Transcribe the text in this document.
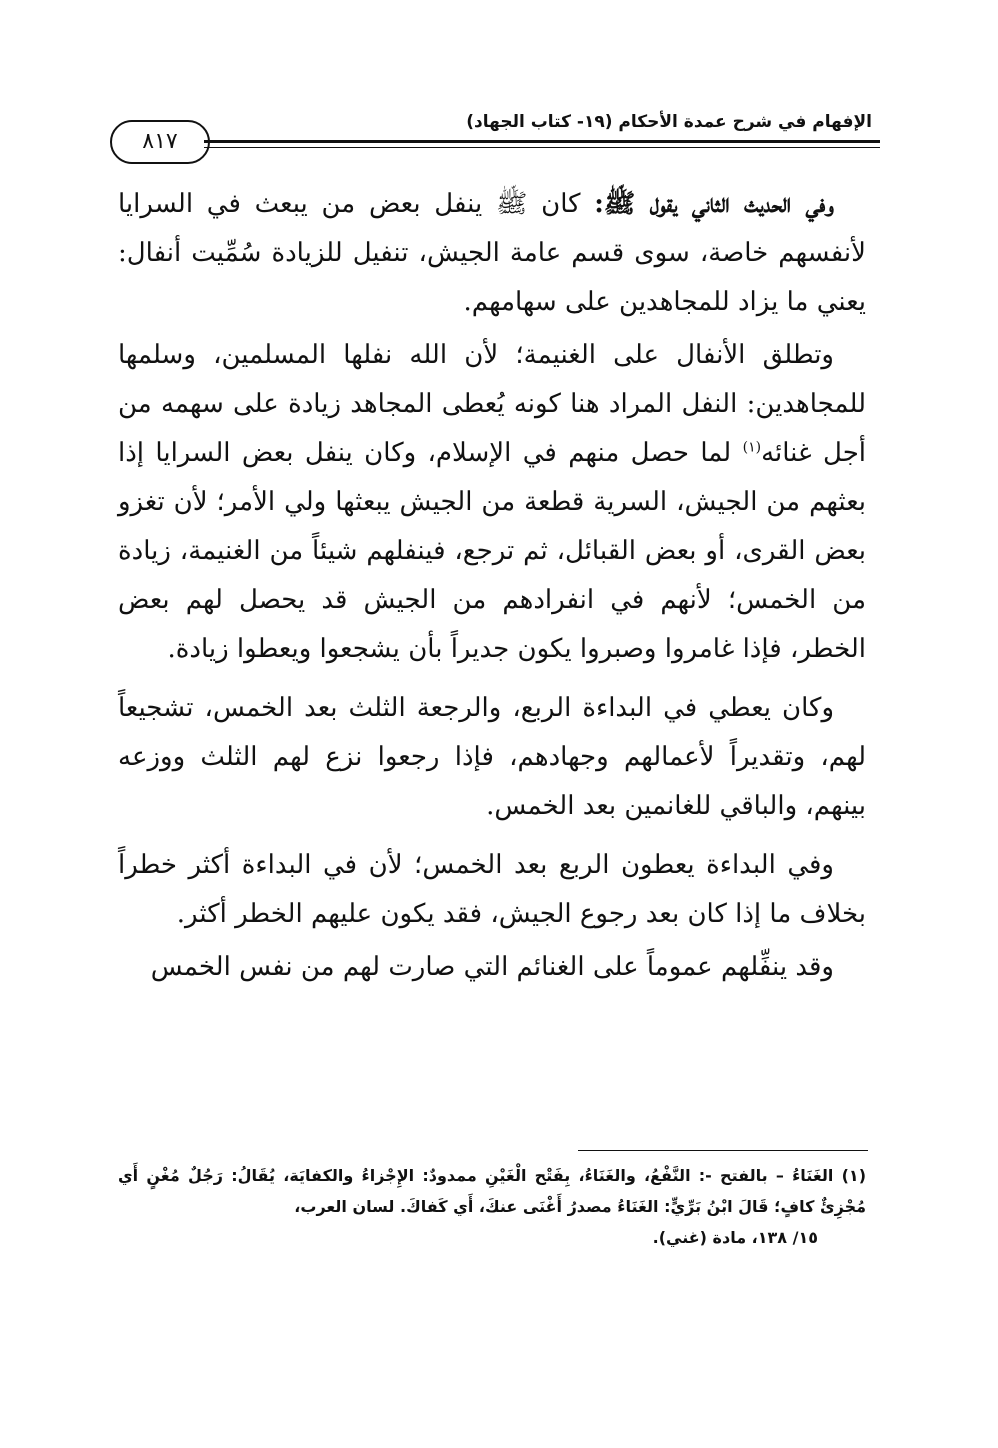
٨١٧
الإفهام في شرح عمدة الأحكام (١٩- كتاب الجهاد)

وفي الحديث الثاني يقول ﷺ: كان ﷺ ينفل بعض من يبعث في السرايا لأنفسهم خاصة، سوى قسم عامة الجيش، تنفيل للزيادة سُمِّيت أنفال: يعني ما يزاد للمجاهدين على سهامهم.

وتطلق الأنفال على الغنيمة؛ لأن الله نفلها المسلمين، وسلمها للمجاهدين: النفل المراد هنا كونه يُعطى المجاهد زيادة على سهمه من أجل غنائه$^{(١)}$ لما حصل منهم في الإسلام، وكان ينفل بعض السرايا إذا بعثهم من الجيش، السرية قطعة من الجيش يبعثها ولي الأمر؛ لأن تغزو بعض القرى، أو بعض القبائل، ثم ترجع، فينفلهم شيئاً من الغنيمة، زيادة من الخمس؛ لأنهم في انفرادهم من الجيش قد يحصل لهم بعض الخطر، فإذا غامروا وصبروا يكون جديراً بأن يشجعوا ويعطوا زيادة.

وكان يعطي في البداءة الربع، والرجعة الثلث بعد الخمس، تشجيعاً لهم، وتقديراً لأعمالهم وجهادهم، فإذا رجعوا نزع لهم الثلث ووزعه بينهم، والباقي للغانمين بعد الخمس.

وفي البداءة يعطون الربع بعد الخمس؛ لأن في البداءة أكثر خطراً بخلاف ما إذا كان بعد رجوع الجيش، فقد يكون عليهم الخطر أكثر.

وقد ينفِّلهم عموماً على الغنائم التي صارت لهم من نفس الخمس

(١) الغَنَاءُ – بالفتح -: النَّفْعُ، والغَنَاءُ، بِفَتْح الْغَيْنِ ممدودٌ: الإِجْزاءُ والكفايَة، يُقَالُ: رَجُلٌ مُغْنٍ أَي مُجْزِئٌ كافٍ؛ قَالَ ابْنُ بَرِّيٍّ: الغَنَاءُ مصدرُ أَغْنَى عنكَ، أَي كَفاكَ. لسان العرب،
١٥/ ١٣٨، مادة (غني).
